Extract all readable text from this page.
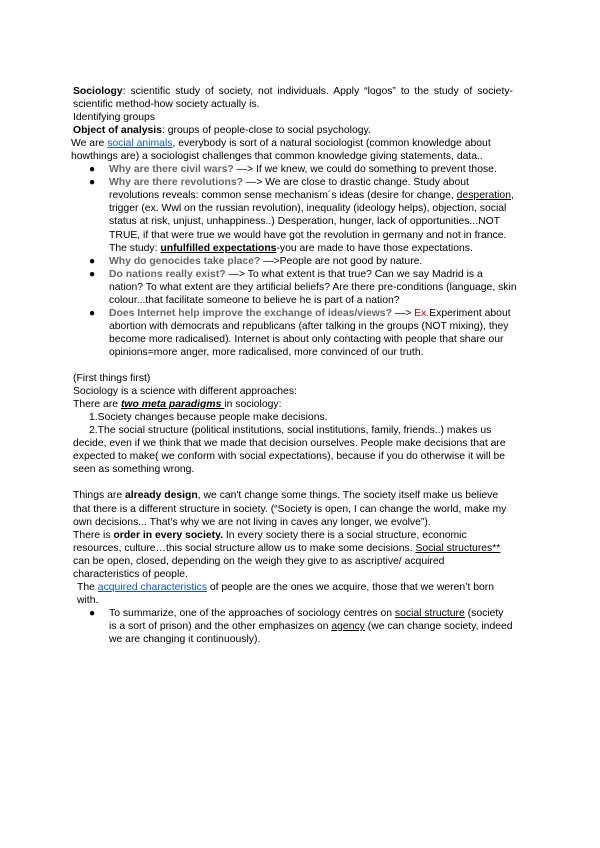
Sociology: scientific study of society, not individuals. Apply “logos” to the study of society-scientific method-how society actually is.

Identifying groups

Object of analysis: groups of people-close to social psychology.

We are social animals, everybody is sort of a natural sociologist (common knowledge about howthings are) a sociologist challenges that common knowledge giving statements, data..

● Why are there civil wars? —> If we knew, we could do something to prevent those.
● Why are there revolutions? —> We are close to drastic change. Study about revolutions reveals: common sense mechanism´s ideas (desire for change, desperation, trigger (ex. Wwl on the russian revolution), inequality (ideology helps), objection, social status at risk, unjust, unhappiness..) Desperation, hunger, lack of opportunities...NOT TRUE, if that were true we would have got the revolution in germany and not in france. The study: unfulfilled expectations-you are made to have those expectations.
● Why do genocides take place? —>People are not good by nature.
● Do nations really exist? —> To what extent is that true? Can we say Madrid is a nation? To what extent are they artificial beliefs? Are there pre-conditions (language, skin colour...that facilitate someone to believe he is part of a nation?
● Does Internet help improve the exchange of ideas/views? —> Ex.Experiment about abortion with democrats and republicans (after talking in the groups (NOT mixing), they become more radicalised). Internet is about only contacting with people that share our opinions=more anger, more radicalised, more convinced of our truth.

(First things first)

Sociology is a science with different approaches:

There are two meta paradigms in sociology:

1.Society changes because people make decisions.
2.The social structure (political institutions, social institutions, family, friends..) makes us decide, even if we think that we made that decision ourselves. People make decisions that are expected to make( we conform with social expectations), because if you do otherwise it will be seen as something wrong.

Things are already design, we can't change some things. The society itself make us believe that there is a different structure in society. (“Society is open, I can change the world, make my own decisions... That’s why we are not living in caves any longer, we evolve”).

There is order in every society. In every society there is a social structure, economic resources, culture…this social structure allow us to make some decisions. Social structures** can be open, closed, depending on the weigh they give to as ascriptive/ acquired characteristics of people.

The acquired characteristics of people are the ones we acquire, those that we weren’t born with.

● To summarize, one of the approaches of sociology centres on social structure (society is a sort of prison) and the other emphasizes on agency (we can change society, indeed we are changing it continuously).
